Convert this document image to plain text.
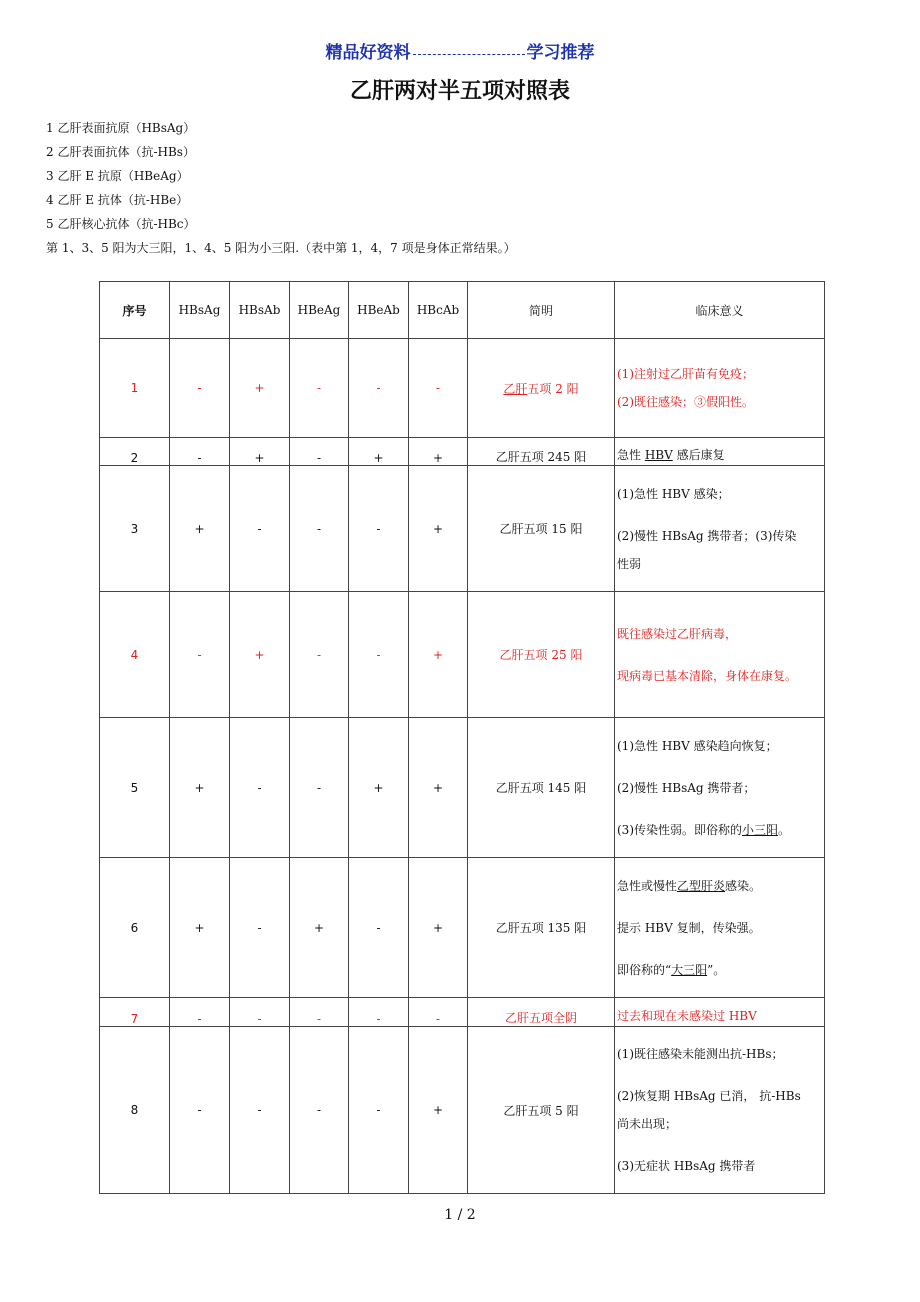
精品好资料	学习推荐
乙肝两对半五项对照表
1 乙肝表面抗原（HBsAg）
2 乙肝表面抗体（抗-HBs）
3 乙肝 E 抗原（HBeAg）
4 乙肝 E 抗体（抗-HBe）
5 乙肝核心抗体（抗-HBc）
第 1、3、5 阳为大三阳，1、4、5 阳为小三阳.（表中第 1，4，7 项是身体正常结果。）
序号	HBsAg	HBsAb	HBeAg	HBeAb	HBcAb	简明	临床意义
1	-	+	-	-	-	乙肝五项 2 阳	(1)注射过乙肝苗有免疫；
(2)既往感染；③假阳性。

2	-	+	-	+	+	乙肝五项 245 阳	急性 HBV 感后康复
3	+	-	-	-	+	乙肝五项 15 阳	(1)急性 HBV 感染；
(2)慢性 HBsAg 携带者；(3)传染
性弱

4	-	+	-	-	+	乙肝五项 25 阳	既往感染过乙肝病毒，
现病毒已基本清除，身体在康复。

5	+	-	-	+	+	乙肝五项 145 阳	(1)急性 HBV 感染趋向恢复；
(2)慢性 HBsAg 携带者；
(3)传染性弱。即俗称的小三阳。

6	+	-	+	-	+	乙肝五项 135 阳	急性或慢性乙型肝炎感染。
提示 HBV 复制，传染强。
即俗称的“大三阳”。

7	-	-	-	-	-	乙肝五项全阴	过去和现在未感染过 HBV
8	-	-	-	-	+	乙肝五项 5 阳	(1)既往感染未能测出抗-HBs；
(2)恢复期 HBsAg 已消， 抗-HBs
尚未出现；
(3)无症状 HBsAg 携带者
1 / 2
